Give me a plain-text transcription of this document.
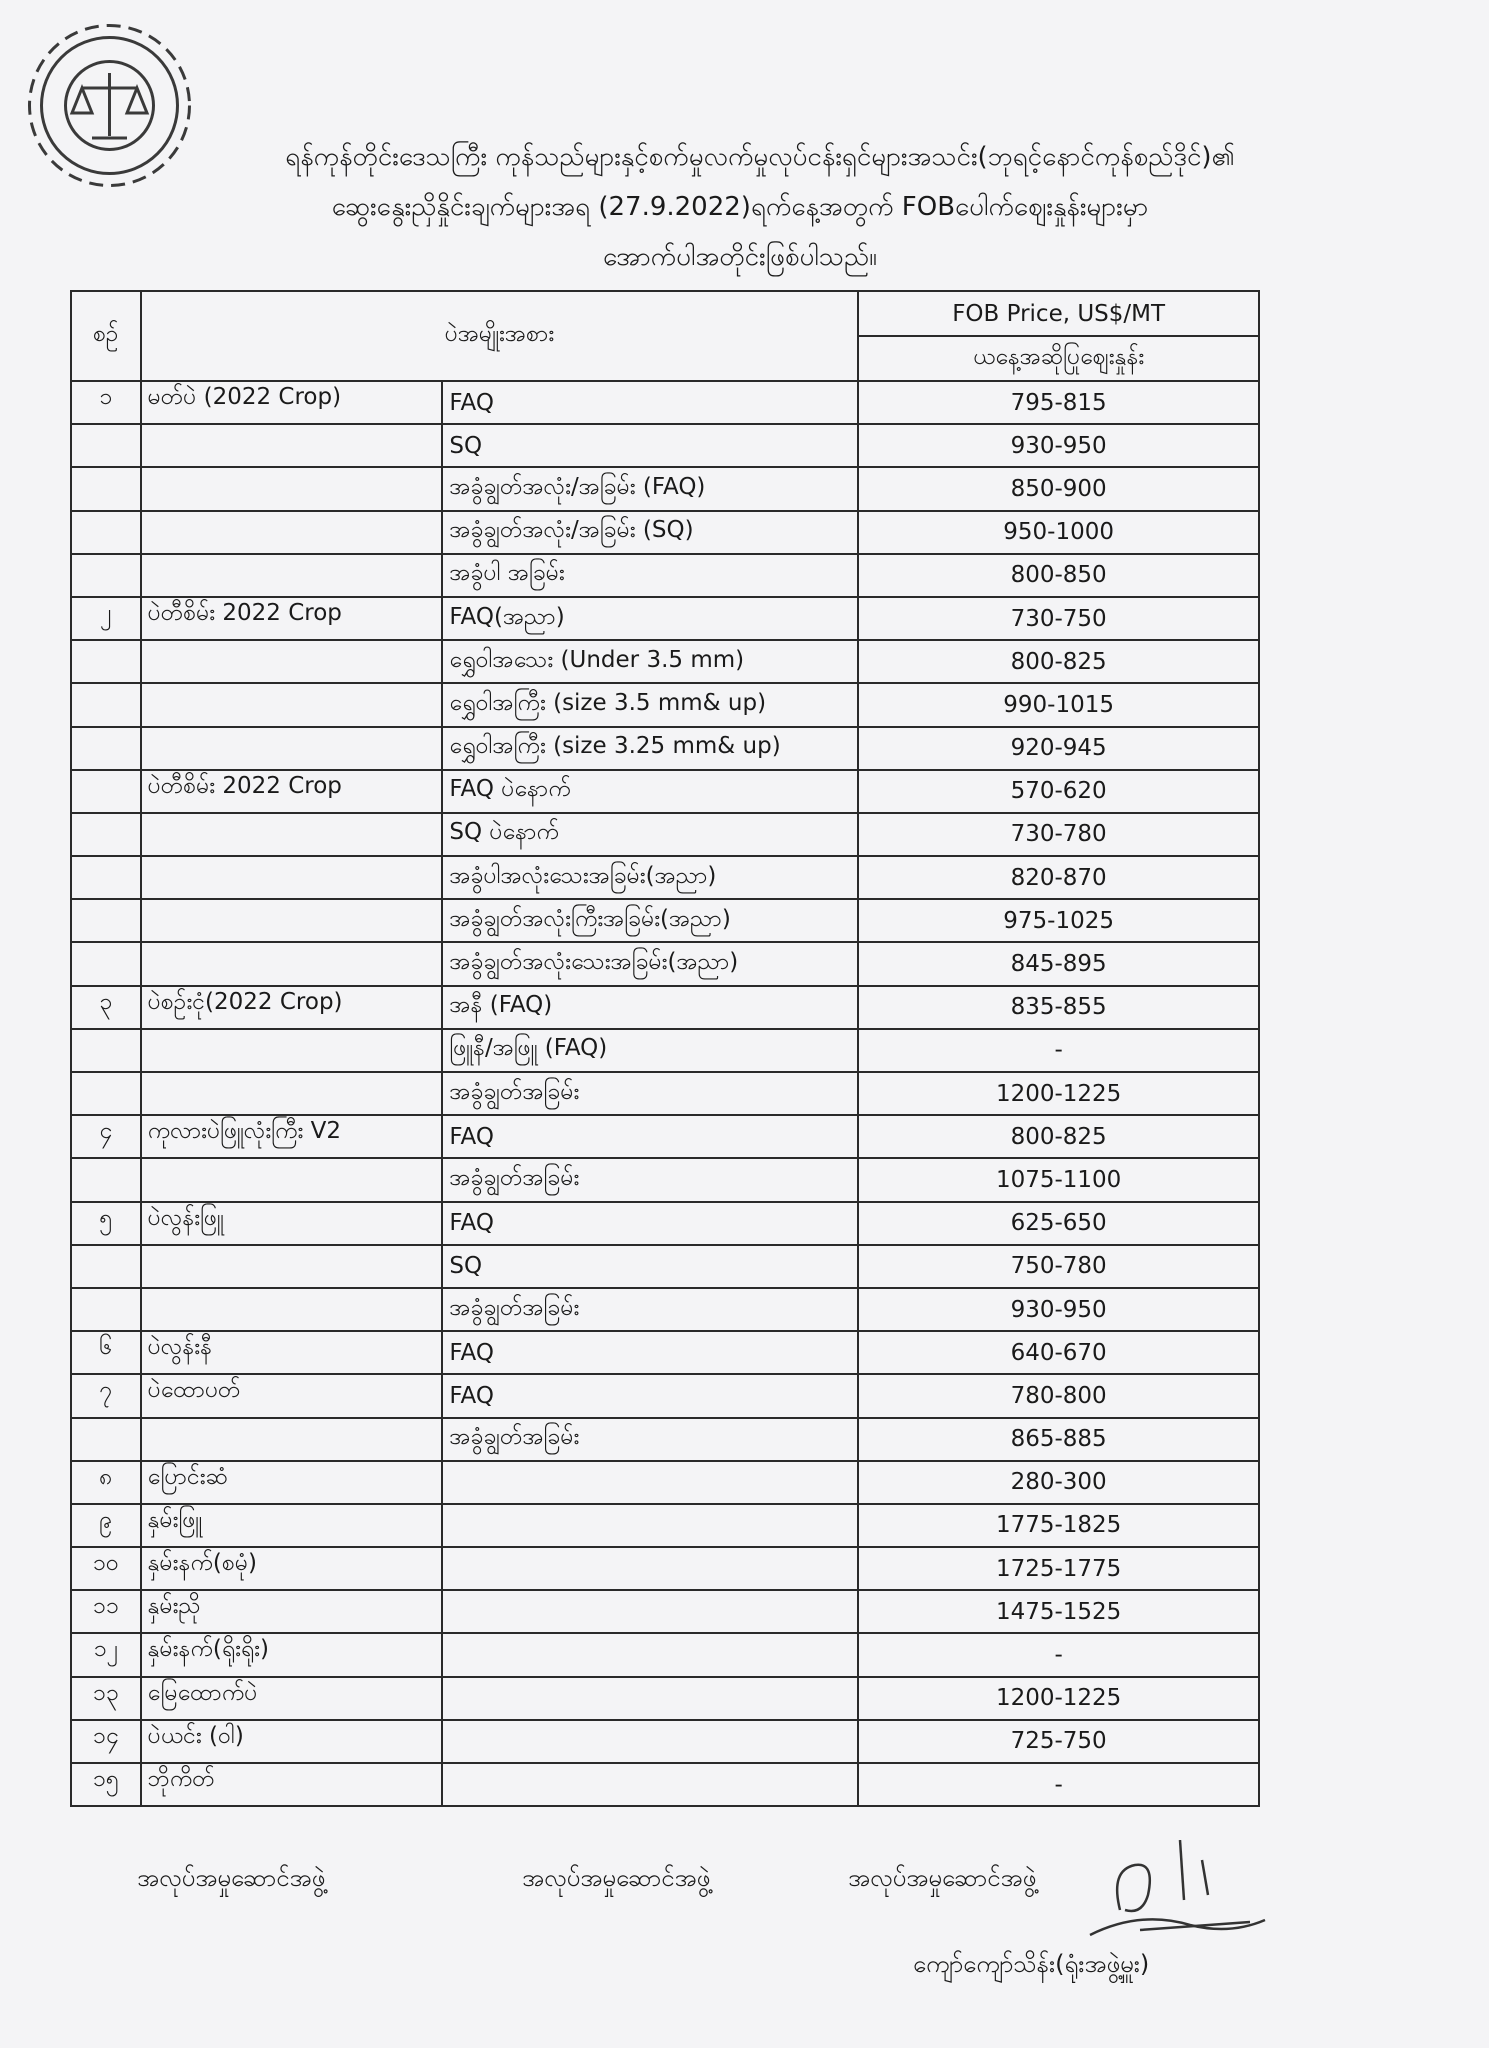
ရန်ကုန်တိုင်းဒေသကြီး ကုန်သည်များနှင့်စက်မှုလက်မှုလုပ်ငန်းရှင်များအသင်း(ဘုရင့်နောင်ကုန်စည်ဒိုင်)၏
ဆွေးနွေးညှိနှိုင်းချက်များအရ (27.9.2022)ရက်နေ့အတွက် FOBပေါက်ဈေးနှုန်းများမှာ
အောက်ပါအတိုင်းဖြစ်ပါသည်။
စဉ်	ပဲအမျိုးအစား		FOB Price, US$/MT
			ယနေ့အဆိုပြုဈေးနှုန်း
၁	မတ်ပဲ (2022 Crop)	FAQ	795-815
		SQ	930-950
		အခွံချွတ်အလုံး/အခြမ်း (FAQ)	850-900
		အခွံချွတ်အလုံး/အခြမ်း (SQ)	950-1000
		အခွံပါ အခြမ်း	800-850
၂	ပဲတီစိမ်း 2022 Crop	FAQ(အညာ)	730-750
		ရွှေဝါအသေး (Under 3.5 mm)	800-825
		ရွှေဝါအကြီး (size 3.5 mm& up)	990-1015
		ရွှေဝါအကြီး (size 3.25 mm& up)	920-945
	ပဲတီစိမ်း 2022 Crop	FAQ ပဲနောက်	570-620
		SQ ပဲနောက်	730-780
		အခွံပါအလုံးသေးအခြမ်း(အညာ)	820-870
		အခွံချွတ်အလုံးကြီးအခြမ်း(အညာ)	975-1025
		အခွံချွတ်အလုံးသေးအခြမ်း(အညာ)	845-895
၃	ပဲစဉ်းငုံ(2022 Crop)	အနီ (FAQ)	835-855
		ဖြူနီ/အဖြူ (FAQ)	-
		အခွံချွတ်အခြမ်း	1200-1225
၄	ကုလားပဲဖြူလုံးကြီး V2	FAQ	800-825
		အခွံချွတ်အခြမ်း	1075-1100
၅	ပဲလွန်းဖြူ	FAQ	625-650
		SQ	750-780
		အခွံချွတ်အခြမ်း	930-950
၆	ပဲလွန်းနီ	FAQ	640-670
၇	ပဲထောပတ်	FAQ	780-800
		အခွံချွတ်အခြမ်း	865-885
၈	ပြောင်းဆံ		280-300
၉	နှမ်းဖြူ		1775-1825
၁၀	နှမ်းနက်(စမုံ)		1725-1775
၁၁	နှမ်းညို		1475-1525
၁၂	နှမ်းနက်(ရိုးရိုး)		-
၁၃	မြေထောက်ပဲ		1200-1225
၁၄	ပဲယင်း (ဝါ)		725-750
၁၅	ဘိုကိတ်		-
အလုပ်အမှုဆောင်အဖွဲ့	အလုပ်အမှုဆောင်အဖွဲ့	အလုပ်အမှုဆောင်အဖွဲ့
ကျော်ကျော်သိန်း(ရုံးအဖွဲ့မှူး)
